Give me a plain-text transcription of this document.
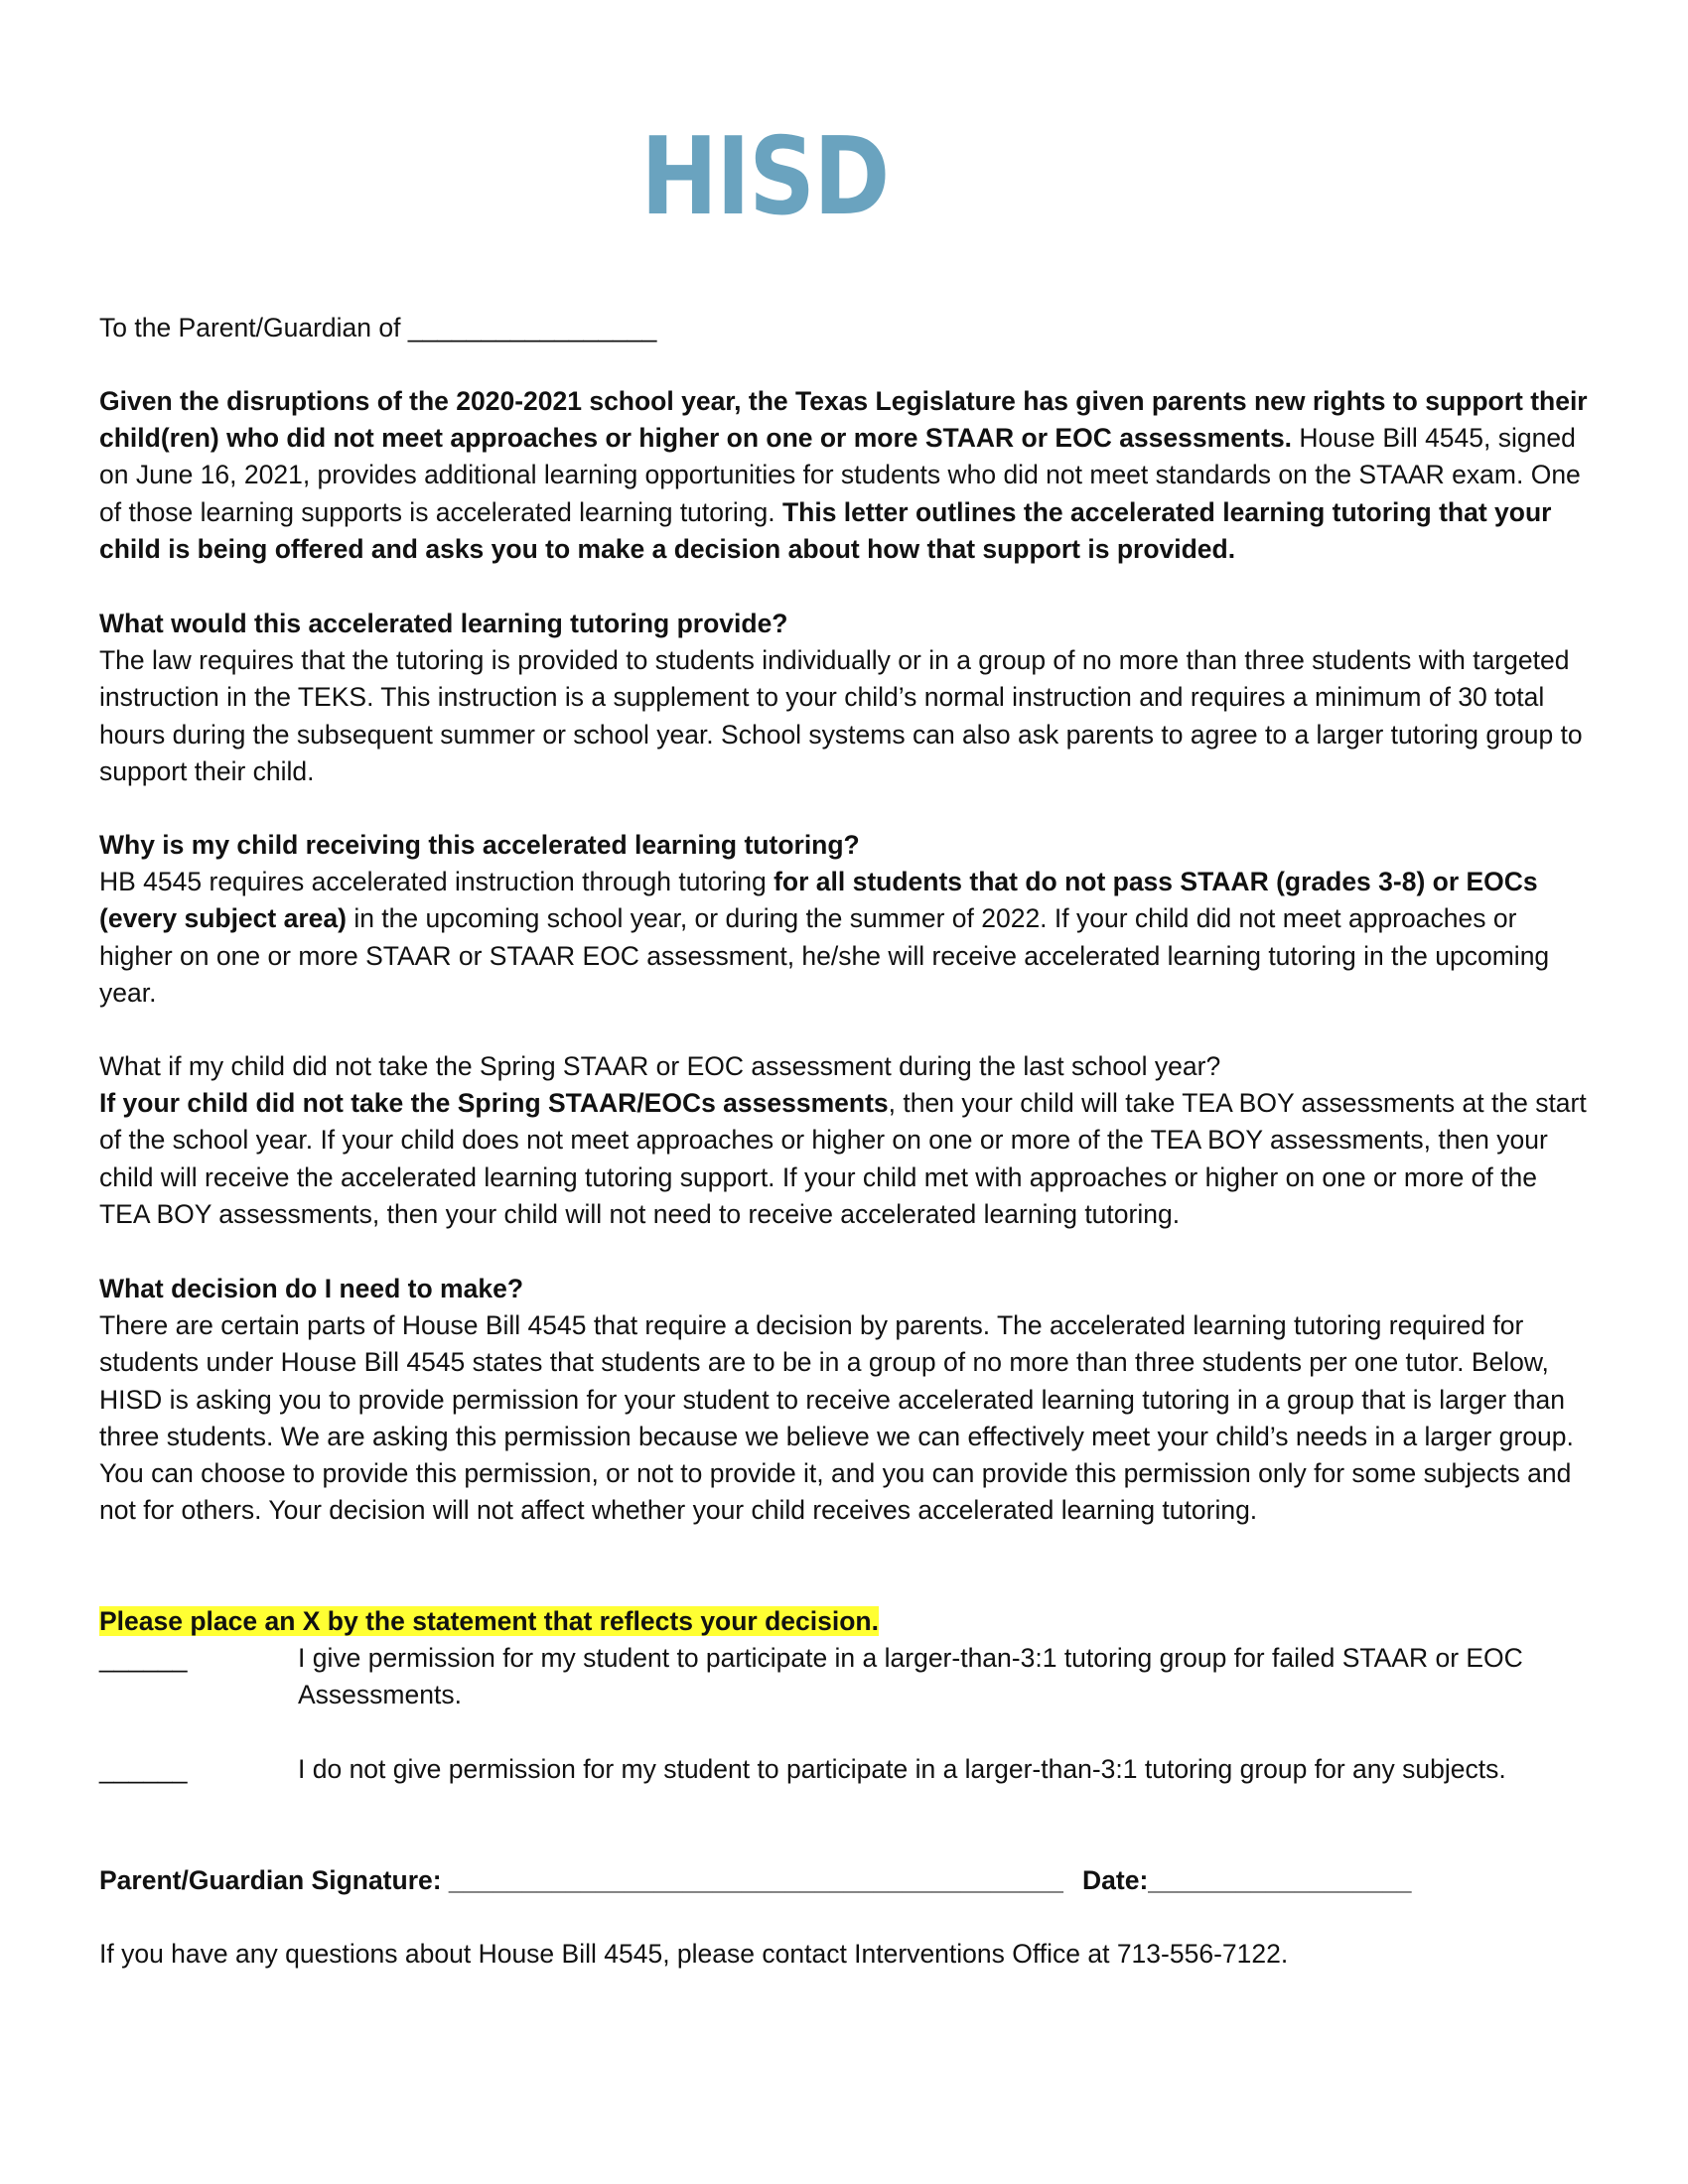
HISD

To the Parent/Guardian of _________________

Given the disruptions of the 2020-2021 school year, the Texas Legislature has given parents new rights to support their child(ren) who did not meet approaches or higher on one or more STAAR or EOC assessments. House Bill 4545, signed on June 16, 2021, provides additional learning opportunities for students who did not meet standards on the STAAR exam. One of those learning supports is accelerated learning tutoring. This letter outlines the accelerated learning tutoring that your child is being offered and asks you to make a decision about how that support is provided.

What would this accelerated learning tutoring provide?

The law requires that the tutoring is provided to students individually or in a group of no more than three students with targeted instruction in the TEKS. This instruction is a supplement to your child’s normal instruction and requires a minimum of 30 total hours during the subsequent summer or school year. School systems can also ask parents to agree to a larger tutoring group to support their child.

Why is my child receiving this accelerated learning tutoring?

HB 4545 requires accelerated instruction through tutoring for all students that do not pass STAAR (grades 3-8) or EOCs (every subject area) in the upcoming school year, or during the summer of 2022. If your child did not meet approaches or higher on one or more STAAR or STAAR EOC assessment, he/she will receive accelerated learning tutoring in the upcoming year.

What if my child did not take the Spring STAAR or EOC assessment during the last school year?

If your child did not take the Spring STAAR/EOCs assessments, then your child will take TEA BOY assessments at the start of the school year. If your child does not meet approaches or higher on one or more of the TEA BOY assessments, then your child will receive the accelerated learning tutoring support. If your child met with approaches or higher on one or more of the TEA BOY assessments, then your child will not need to receive accelerated learning tutoring.

What decision do I need to make?

There are certain parts of House Bill 4545 that require a decision by parents. The accelerated learning tutoring required for students under House Bill 4545 states that students are to be in a group of no more than three students per one tutor. Below, HISD is asking you to provide permission for your student to receive accelerated learning tutoring in a group that is larger than three students. We are asking this permission because we believe we can effectively meet your child’s needs in a larger group. You can choose to provide this permission, or not to provide it, and you can provide this permission only for some subjects and not for others. Your decision will not affect whether your child receives accelerated learning tutoring.

Please place an X by the statement that reflects your decision.

______	I give permission for my student to participate in a larger-than-3:1 tutoring group for failed STAAR or EOC Assessments.

______	I do not give permission for my student to participate in a larger-than-3:1 tutoring group for any subjects.

Parent/Guardian Signature: __________________________________________ Date:__________________

If you have any questions about House Bill 4545, please contact Interventions Office at 713-556-7122.
